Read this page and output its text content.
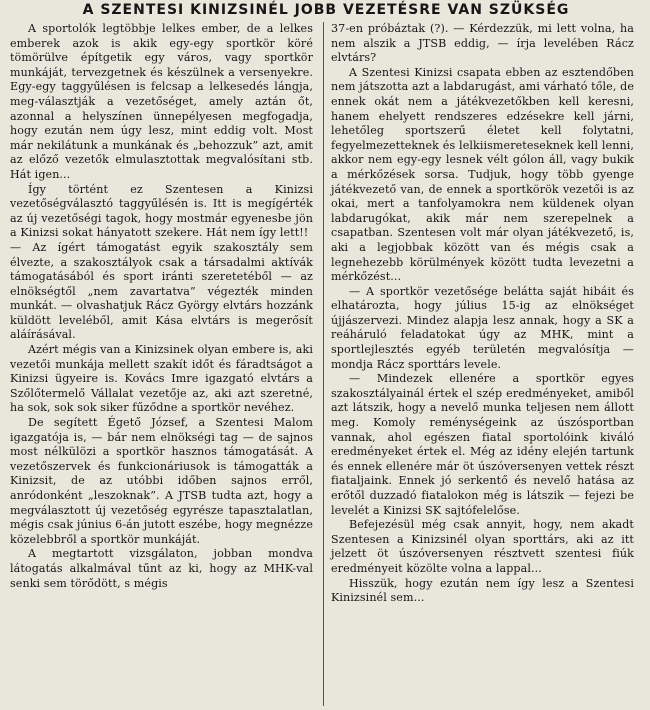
A SZENTESI KINIZSINÉL JOBB VEZETÉSRE VAN SZÜKSÉG

A sportolók legtöbbje lelkes ember, de a lelkes emberek azok is akik egy-egy sportkör köré tömörülve építgetik egy város, vagy sportkör munkáját, tervezgetnek és készülnek a versenyekre. Egy-egy taggyűlésen is felcsap a lelkesedés lángja, meg-választják a vezetőséget, amely aztán őt, azonnal a helyszínen ünnepélyesen megfogadja, hogy ezután nem úgy lesz, mint eddig volt. Most már nekilátunk a munkának és „behozzuk” azt, amit az előző vezetők elmulasztottak megvalósítani stb. Hát igen...

Így történt ez Szentesen a Kinizsi vezetőségválasztó taggyűlésén is. Itt is megígérték az új vezetőségi tagok, hogy mostmár egyenesbe jön a Kinizsi sokat hányatott szekere. Hát nem így lett!!

— Az ígért támogatást egyik szakosztály sem élvezte, a szakosztályok csak a társadalmi aktívák támogatásából és sport iránti szeretetéből — az elnökségtől „nem zavartatva” végezték minden munkát. — olvashatjuk Rácz György elvtárs hozzánk küldött leveléből, amit Kása elvtárs is megerősít aláírásával.

Azért mégis van a Kinizsinek olyan embere is, aki vezetői munkája mellett szakít időt és fáradtságot a Kinizsi ügyeire is. Kovács Imre igazgató elvtárs a Szőlőtermelő Vállalat vezetője az, aki azt szeretné, ha sok, sok sok siker fűződne a sportkör nevéhez.

De segített Égető József, a Szentesi Malom igazgatója is, — bár nem elnökségi tag — de sajnos most nélkülözi a sportkör hasznos támogatását. A vezetőszervek és funkcionáriusok is támogatták a Kinizsit, de az utóbbi időben sajnos erről, anródonként „leszoknak”. A JTSB tudta azt, hogy a megválasztott új vezetőség egyrésze tapasztalatlan, mégis csak június 6-án jutott eszébe, hogy megnézze közelebbről a sportkör munkáját.

A megtartott vizsgálaton, jobban mondva látogatás alkalmával tűnt az ki, hogy az MHK-val senki sem törődött, s mégis

37-en próbáztak (?). — Kérdezzük, mi lett volna, ha nem alszik a JTSB eddig, — írja levelében Rácz elvtárs?

A Szentesi Kinizsi csapata ebben az esztendőben nem játszotta azt a labdarugást, ami várható tőle, de ennek okát nem a játékvezetőkben kell keresni, hanem ehelyett rendszeres edzésekre kell járni, lehetőleg sportszerű életet kell folytatni, fegyelmezetteknek és lelkiismereteseknek kell lenni, akkor nem egy-egy lesnek vélt gólon áll, vagy bukik a mérkőzések sorsa. Tudjuk, hogy több gyenge játékvezető van, de ennek a sportkörök vezetői is az okai, mert a tanfolyamokra nem küldenek olyan labdarugókat, akik már nem szerepelnek a csapatban. Szentesen volt már olyan játékvezető, is, aki a legjobbak között van és mégis csak a legnehezebb körülmények között tudta levezetni a mérkőzést...

— A sportkör vezetősége belátta saját hibáit és elhatározta, hogy július 15-ig az elnökséget újjászervezi. Mindez alapja lesz annak, hogy a SK a reáháruló feladatokat úgy az MHK, mint a sportlejlesztés egyéb területén megvalósítja — mondja Rácz sporttárs levele.

— Mindezek ellenére a sportkör egyes szakosztályainál értek el szép eredményeket, amiből azt látszik, hogy a nevelő munka teljesen nem állott meg. Komoly reménységeink az úszósportban vannak, ahol egészen fiatal sportolóink kiváló eredményeket értek el. Még az idény elején tartunk és ennek ellenére már öt úszóversenyen vettek részt fiataljaink. Ennek jó serkentő és nevelő hatása az erőtől duzzadó fiatalokon még is látszik — fejezi be levelét a Kinizsi SK sajtófelelőse.

Befejezésül még csak annyit, hogy, nem akadt Szentesen a Kinizsinél olyan sporttárs, aki az itt jelzett öt úszóversenyen résztvett szentesi fiúk eredményeit közölte volna a lappal...

Hisszük, hogy ezután nem így lesz a Szentesi Kinizsinél sem...
